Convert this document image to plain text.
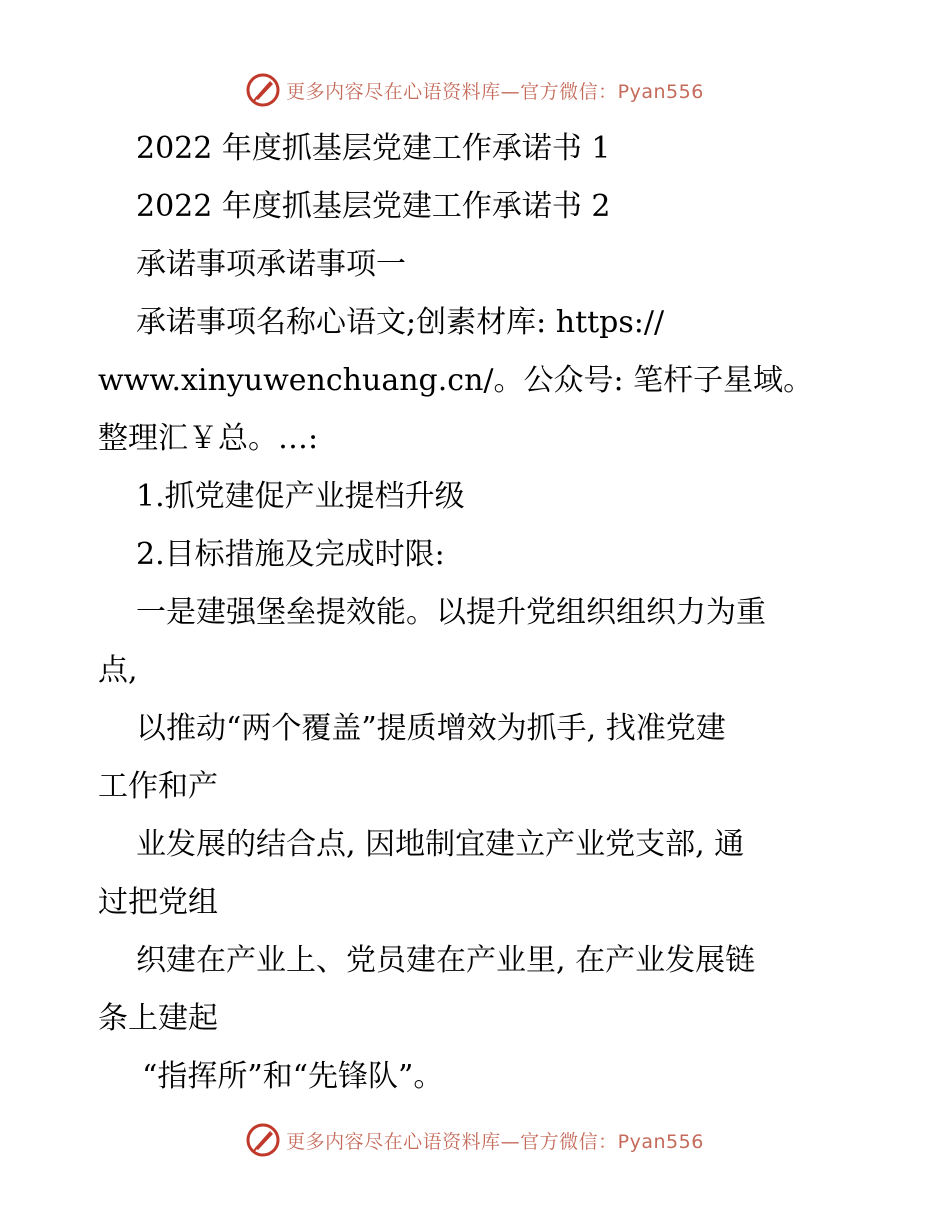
更多内容尽在心语资料库—官方微信：Pyan556
2022 年度抓基层党建工作承诺书 1
2022 年度抓基层党建工作承诺书 2
承诺事项承诺事项一
承诺事项名称心语文;创素材库: https://
www.xinyuwenchuang.cn/。公众号: 笔杆子星域。
整理汇￥总。…:
1.抓党建促产业提档升级
2.目标措施及完成时限:
一是建强堡垒提效能。以提升党组织组织力为重
点,
以推动“两个覆盖”提质增效为抓手, 找准党建
工作和产
业发展的结合点, 因地制宜建立产业党支部, 通
过把党组
织建在产业上、党员建在产业里, 在产业发展链
条上建起
“指挥所”和“先锋队”。
更多内容尽在心语资料库—官方微信：Pyan556
